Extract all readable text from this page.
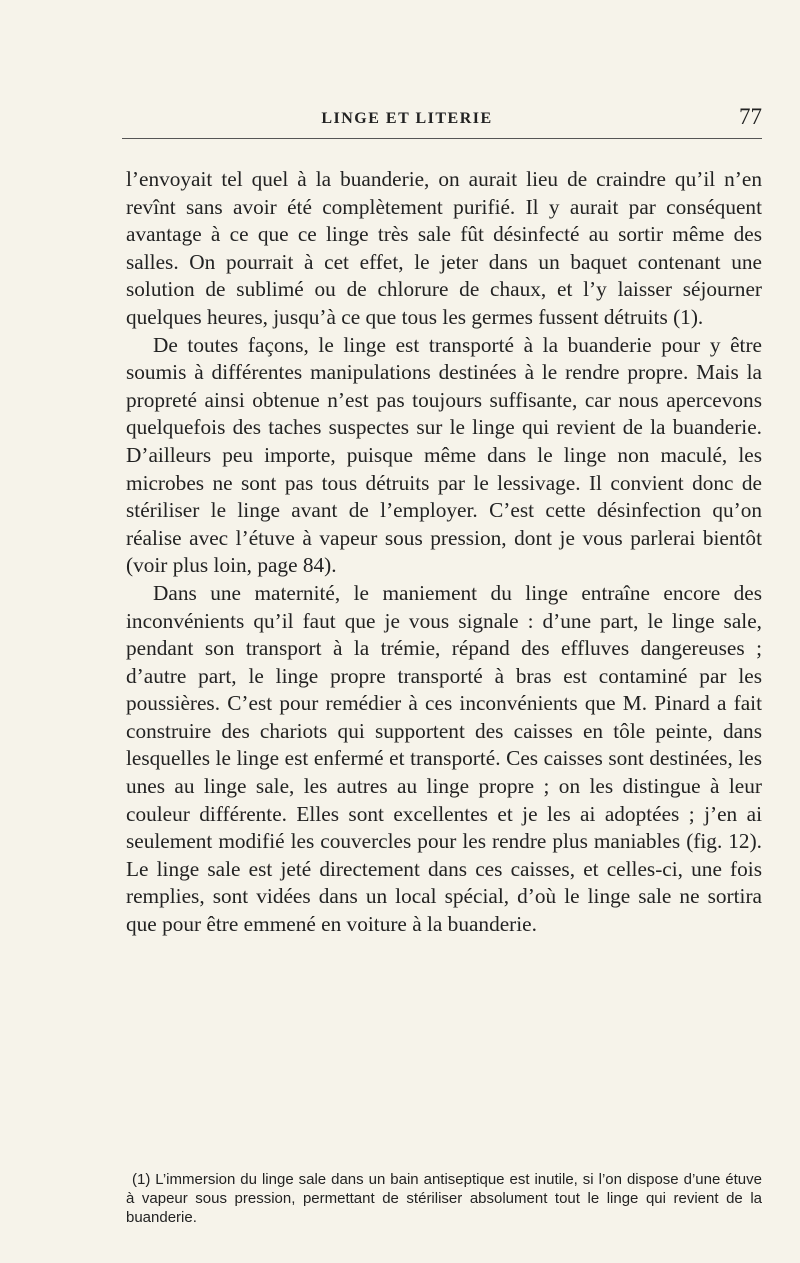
LINGE ET LITERIE	77

l’envoyait tel quel à la buanderie, on aurait lieu de craindre qu’il n’en revînt sans avoir été complètement purifié. Il y aurait par conséquent avantage à ce que ce linge très sale fût désinfecté au sortir même des salles. On pourrait à cet effet, le jeter dans un baquet contenant une solution de sublimé ou de chlorure de chaux, et l’y laisser séjourner quelques heures, jusqu’à ce que tous les germes fussent détruits (1).

De toutes façons, le linge est transporté à la buanderie pour y être soumis à différentes manipulations destinées à le rendre propre. Mais la propreté ainsi obtenue n’est pas toujours suffisante, car nous apercevons quelquefois des taches suspectes sur le linge qui revient de la buanderie. D’ailleurs peu importe, puisque même dans le linge non maculé, les microbes ne sont pas tous détruits par le lessivage. Il convient donc de stériliser le linge avant de l’employer. C’est cette désinfection qu’on réalise avec l’étuve à vapeur sous pression, dont je vous parlerai bientôt (voir plus loin, page 84).

Dans une maternité, le maniement du linge entraîne encore des inconvénients qu’il faut que je vous signale : d’une part, le linge sale, pendant son transport à la trémie, répand des effluves dangereuses ; d’autre part, le linge propre transporté à bras est contaminé par les poussières. C’est pour remédier à ces inconvénients que M. Pinard a fait construire des chariots qui supportent des caisses en tôle peinte, dans lesquelles le linge est enfermé et transporté. Ces caisses sont destinées, les unes au linge sale, les autres au linge propre ; on les distingue à leur couleur différente. Elles sont excellentes et je les ai adoptées ; j’en ai seulement modifié les couvercles pour les rendre plus maniables (fig. 12). Le linge sale est jeté directement dans ces caisses, et celles-ci, une fois remplies, sont vidées dans un local spécial, d’où le linge sale ne sortira que pour être emmené en voiture à la buanderie.

(1) L’immersion du linge sale dans un bain antiseptique est inutile, si l’on dispose d’une étuve à vapeur sous pression, permettant de stériliser absolument tout le linge qui revient de la buanderie.
